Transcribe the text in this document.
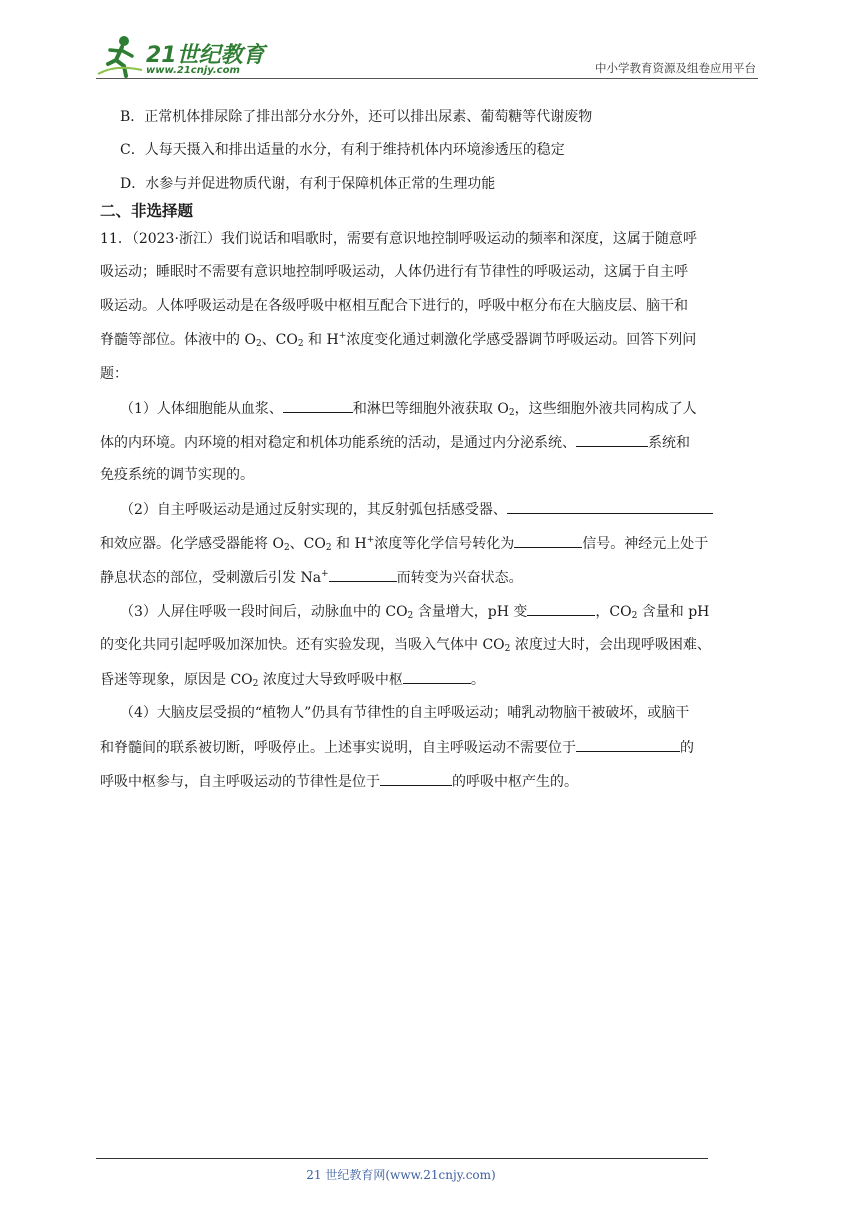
21世纪教育
www.21cnjy.com	中小学教育资源及组卷应用平台
B．正常机体排尿除了排出部分水分外，还可以排出尿素、葡萄糖等代谢废物
C．人每天摄入和排出适量的水分，有利于维持机体内环境渗透压的稳定
D．水参与并促进物质代谢，有利于保障机体正常的生理功能
二、非选择题
11．（2023·浙江）我们说话和唱歌时，需要有意识地控制呼吸运动的频率和深度，这属于随意呼
吸运动；睡眠时不需要有意识地控制呼吸运动，人体仍进行有节律性的呼吸运动，这属于自主呼
吸运动。人体呼吸运动是在各级呼吸中枢相互配合下进行的，呼吸中枢分布在大脑皮层、脑干和
脊髓等部位。体液中的 $O_2$、$CO_2$ 和 H+浓度变化通过刺激化学感受器调节呼吸运动。回答下列问
题：
（1）人体细胞能从血浆、	和淋巴等细胞外液获取 $O_2$，这些细胞外液共同构成了人
体的内环境。内环境的相对稳定和机体功能系统的活动，是通过内分泌系统、	系统和
免疫系统的调节实现的。
（2）自主呼吸运动是通过反射实现的，其反射弧包括感受器、
和效应器。化学感受器能将 $O_2$、$CO_2$ 和 H+浓度等化学信号转化为	信号。神经元上处于
静息状态的部位，受刺激后引发 Na+	而转变为兴奋状态。
（3）人屏住呼吸一段时间后，动脉血中的 $CO_2$ 含量增大，pH 变	，$CO_2$ 含量和 pH
的变化共同引起呼吸加深加快。还有实验发现，当吸入气体中 $CO_2$ 浓度过大时，会出现呼吸困难、
昏迷等现象，原因是 $CO_2$ 浓度过大导致呼吸中枢	。
（4）大脑皮层受损的“植物人”仍具有节律性的自主呼吸运动；哺乳动物脑干被破坏，或脑干
和脊髓间的联系被切断，呼吸停止。上述事实说明，自主呼吸运动不需要位于	的
呼吸中枢参与，自主呼吸运动的节律性是位于	的呼吸中枢产生的。
21 世纪教育网(www.21cnjy.com)
